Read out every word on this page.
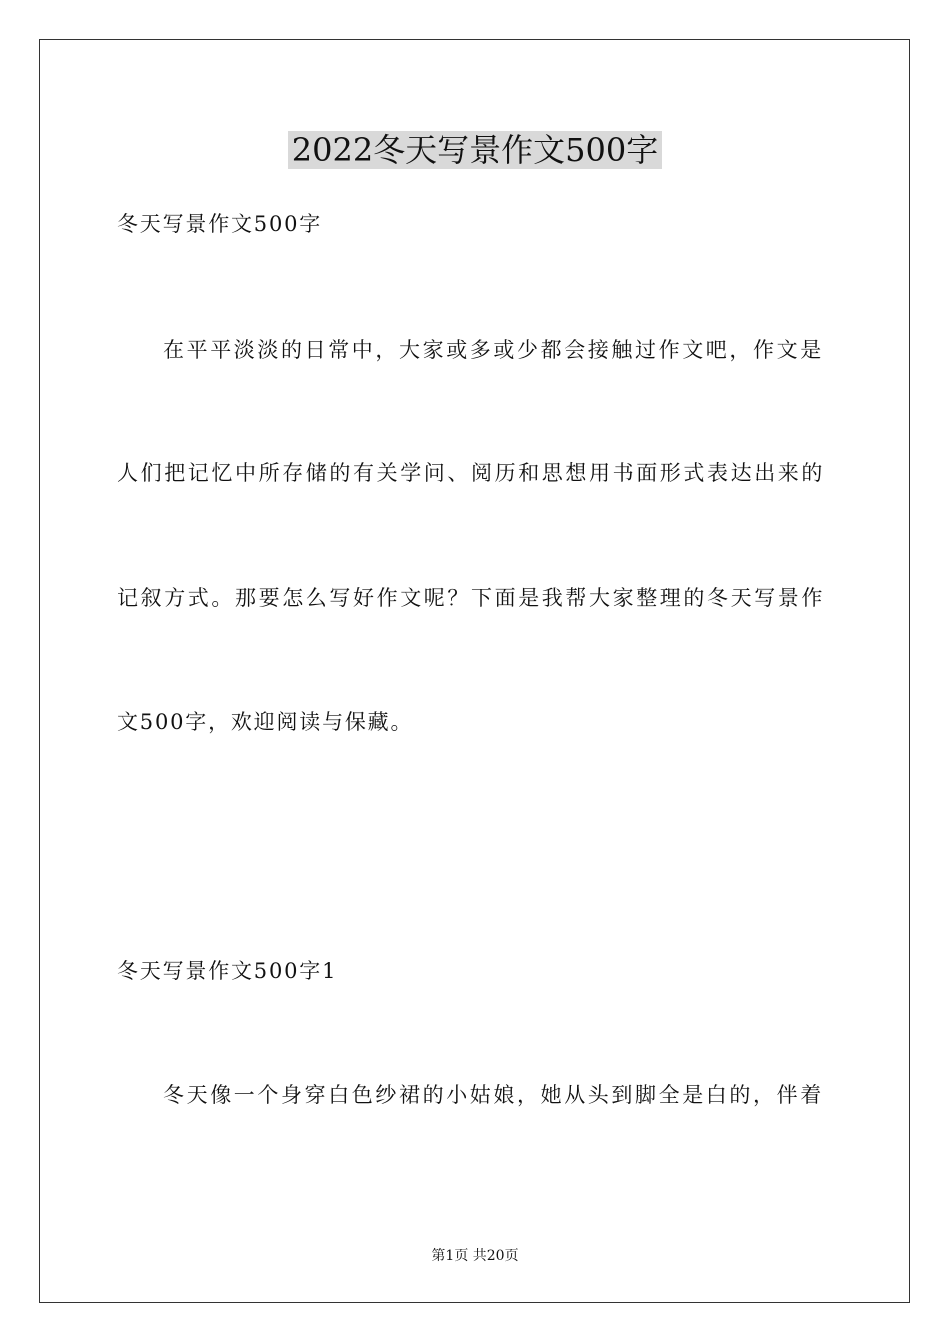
2022冬天写景作文500字
冬天写景作文500字
在平平淡淡的日常中，大家或多或少都会接触过作文吧，作文是
人们把记忆中所存储的有关学问、阅历和思想用书面形式表达出来的
记叙方式。那要怎么写好作文呢？下面是我帮大家整理的冬天写景作
文500字，欢迎阅读与保藏。
冬天写景作文500字1
冬天像一个身穿白色纱裙的小姑娘，她从头到脚全是白的，伴着
第1页 共20页
